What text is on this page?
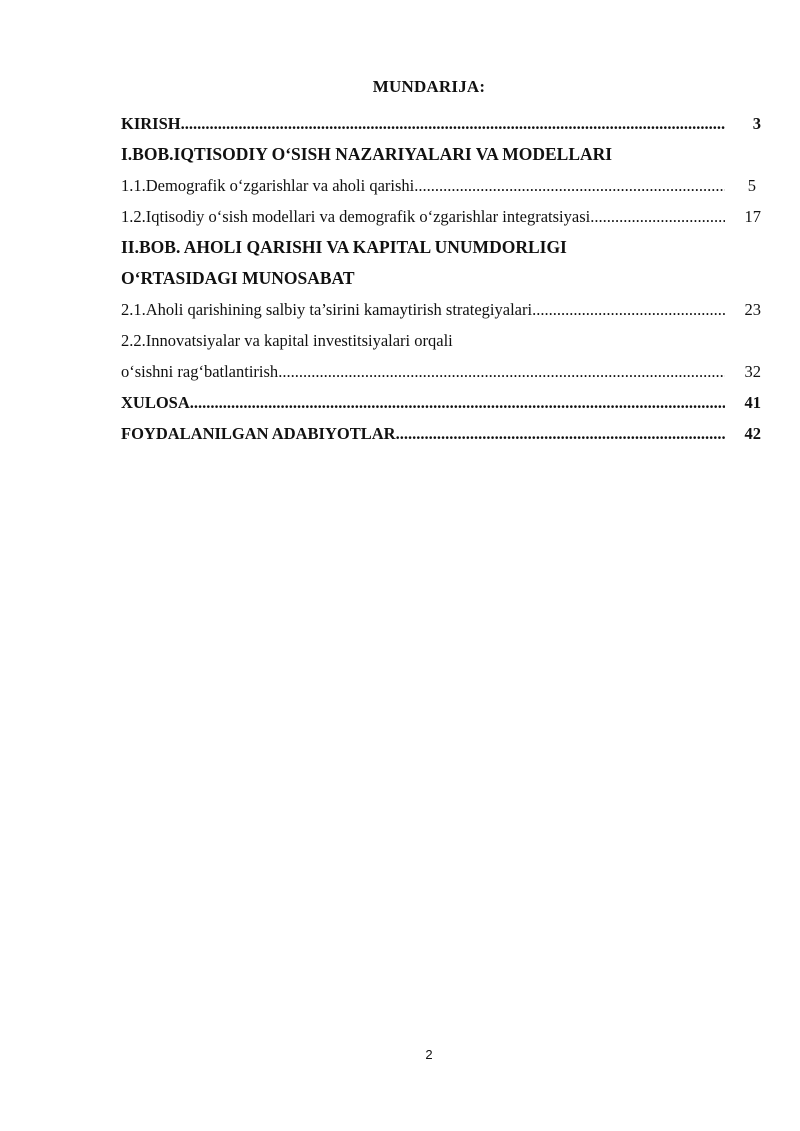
MUNDARIJA:
KIRISH .....	3
I.BOB.IQTISODIY O‘SISH NAZARIYALARI VA MODELLARI
1.1.Demografik o‘zgarishlar va aholi qarishi .....	5
1.2.Iqtisodiy o‘sish modellari va demografik o‘zgarishlar integratsiyasi .....	17
II.BOB. AHOLI QARISHI VA KAPITAL UNUMDORLIGI
O‘RTASIDAGI MUNOSABAT
2.1.Aholi qarishining salbiy ta’sirini kamaytirish strategiyalari .....	23
2.2.Innovatsiyalar va kapital investitsiyalari orqali
o‘sishni rag‘batlantirish .....	32
XULOSA .....	41
FOYDALANILGAN ADABIYOTLAR .....	42
2
